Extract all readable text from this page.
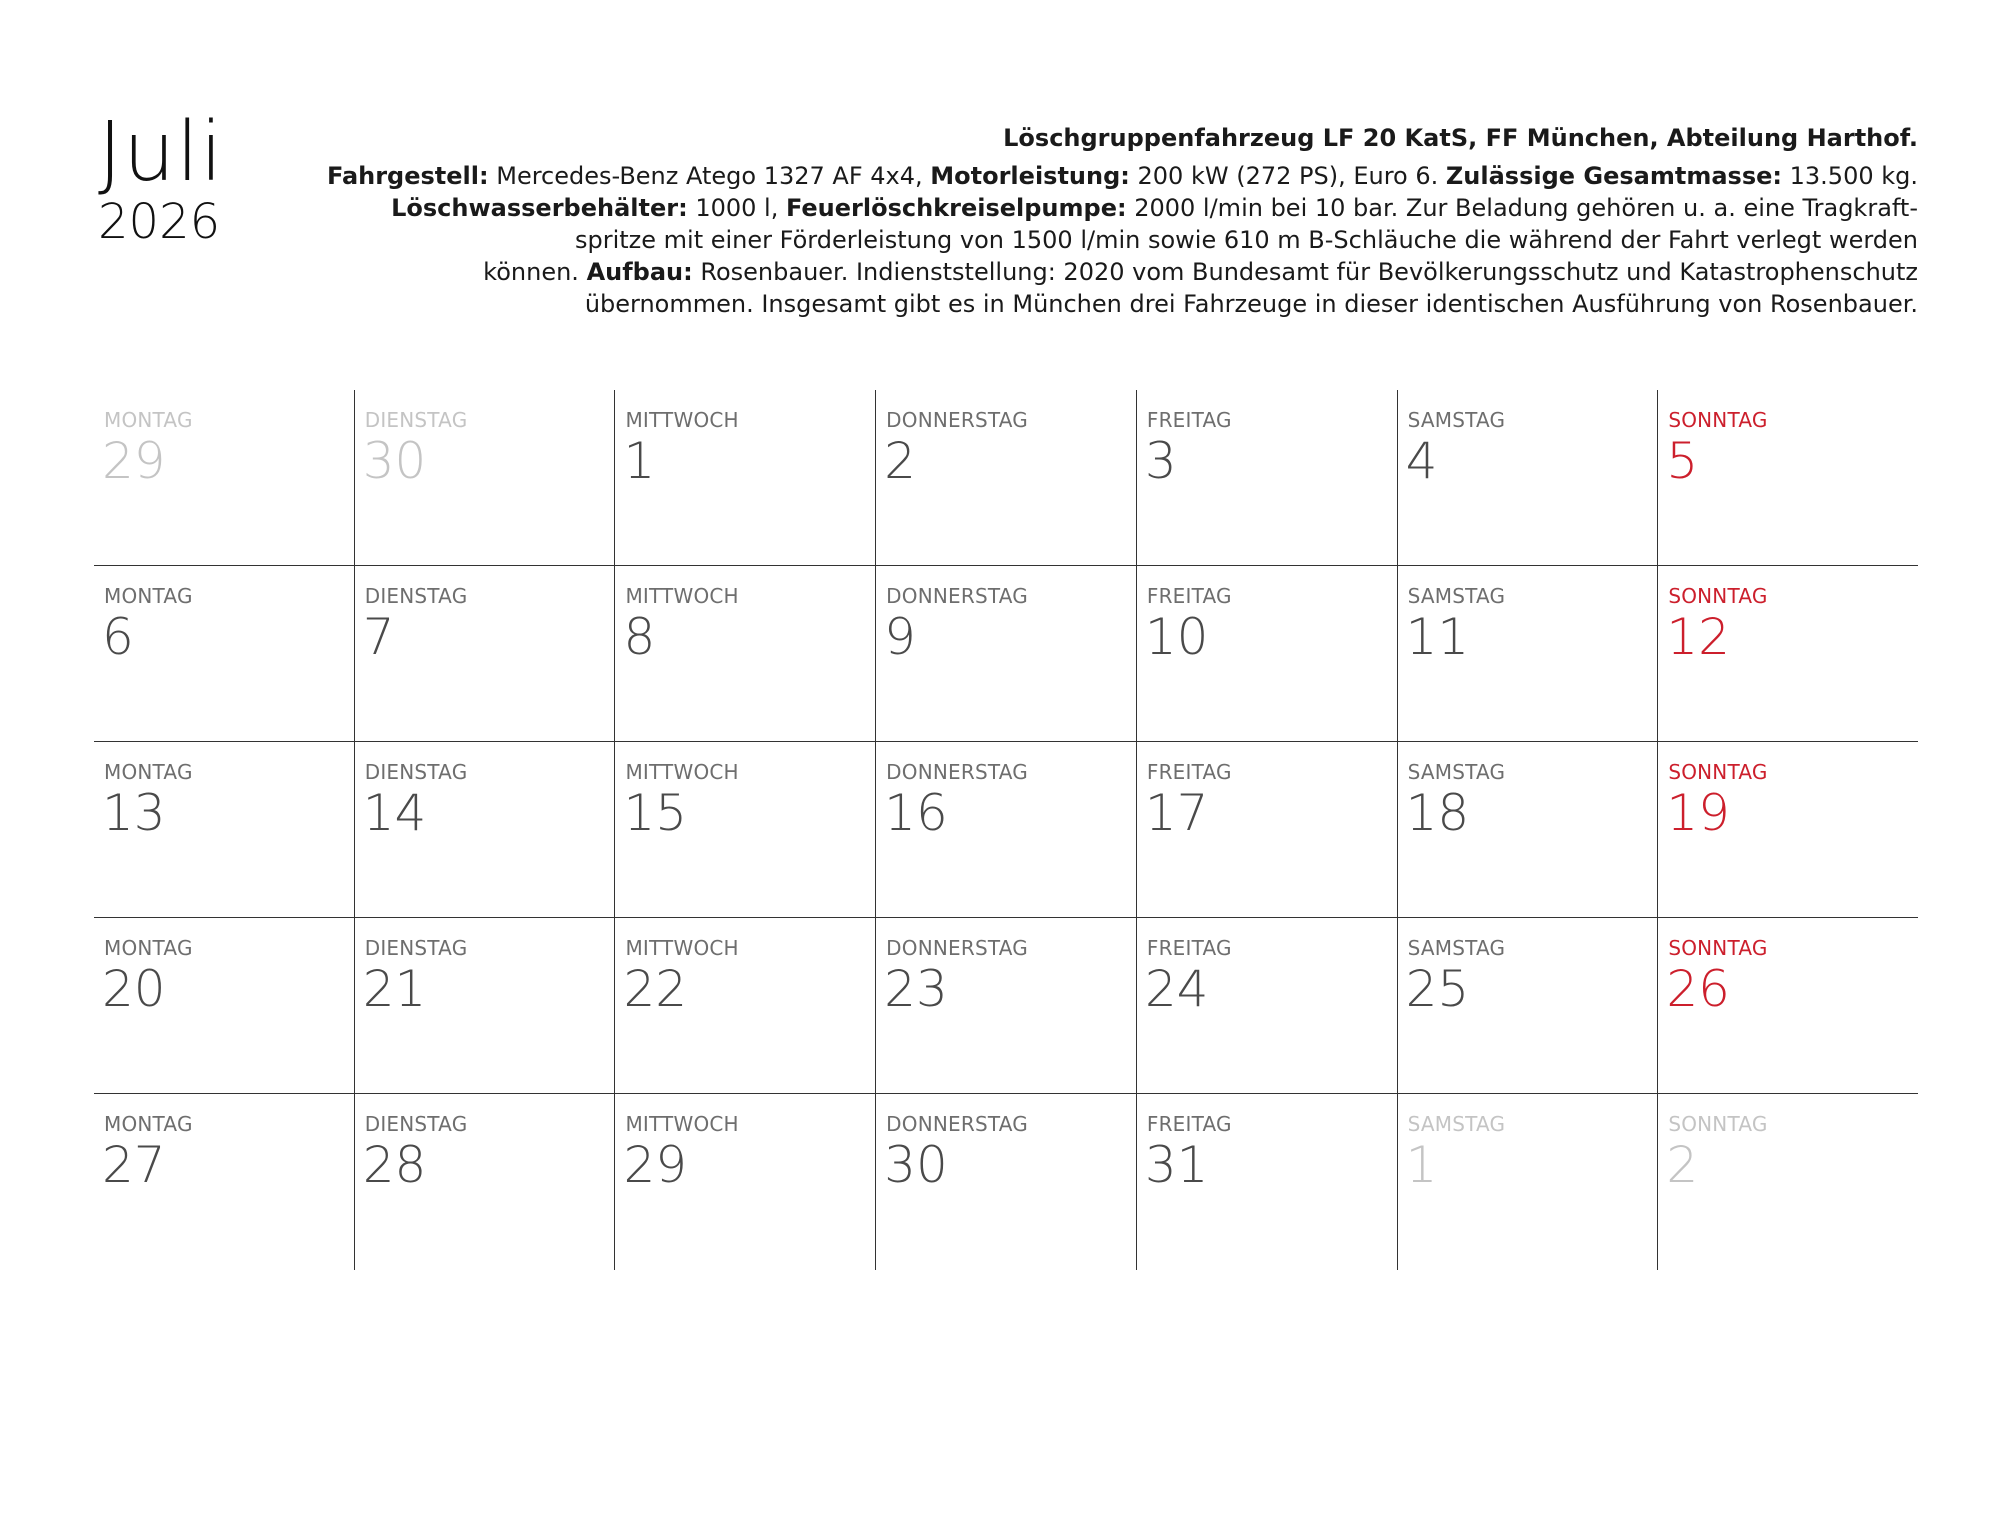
Juli
2026
Löschgruppenfahrzeug LF 20 KatS, FF München, Abteilung Harthof.
Fahrgestell: Mercedes-Benz Atego 1327 AF 4x4, Motorleistung: 200 kW (272 PS), Euro 6. Zulässige Gesamtmasse: 13.500 kg.
Löschwasserbehälter: 1000 l, Feuerlöschkreiselpumpe: 2000 l/min bei 10 bar. Zur Beladung gehören u. a. eine Tragkraft-
spritze mit einer Förderleistung von 1500 l/min sowie 610 m B-Schläuche die während der Fahrt verlegt werden
können. Aufbau: Rosenbauer. Indienststellung: 2020 vom Bundesamt für Bevölkerungsschutz und Katastrophenschutz
übernommen. Insgesamt gibt es in München drei Fahrzeuge in dieser identischen Ausführung von Rosenbauer.
MONTAG
29
DIENSTAG
30
MITTWOCH
1
DONNERSTAG
2
FREITAG
3
SAMSTAG
4
SONNTAG
5
MONTAG
6
DIENSTAG
7
MITTWOCH
8
DONNERSTAG
9
FREITAG
10
SAMSTAG
11
SONNTAG
12
MONTAG
13
DIENSTAG
14
MITTWOCH
15
DONNERSTAG
16
FREITAG
17
SAMSTAG
18
SONNTAG
19
MONTAG
20
DIENSTAG
21
MITTWOCH
22
DONNERSTAG
23
FREITAG
24
SAMSTAG
25
SONNTAG
26
MONTAG
27
DIENSTAG
28
MITTWOCH
29
DONNERSTAG
30
FREITAG
31
SAMSTAG
1
SONNTAG
2
